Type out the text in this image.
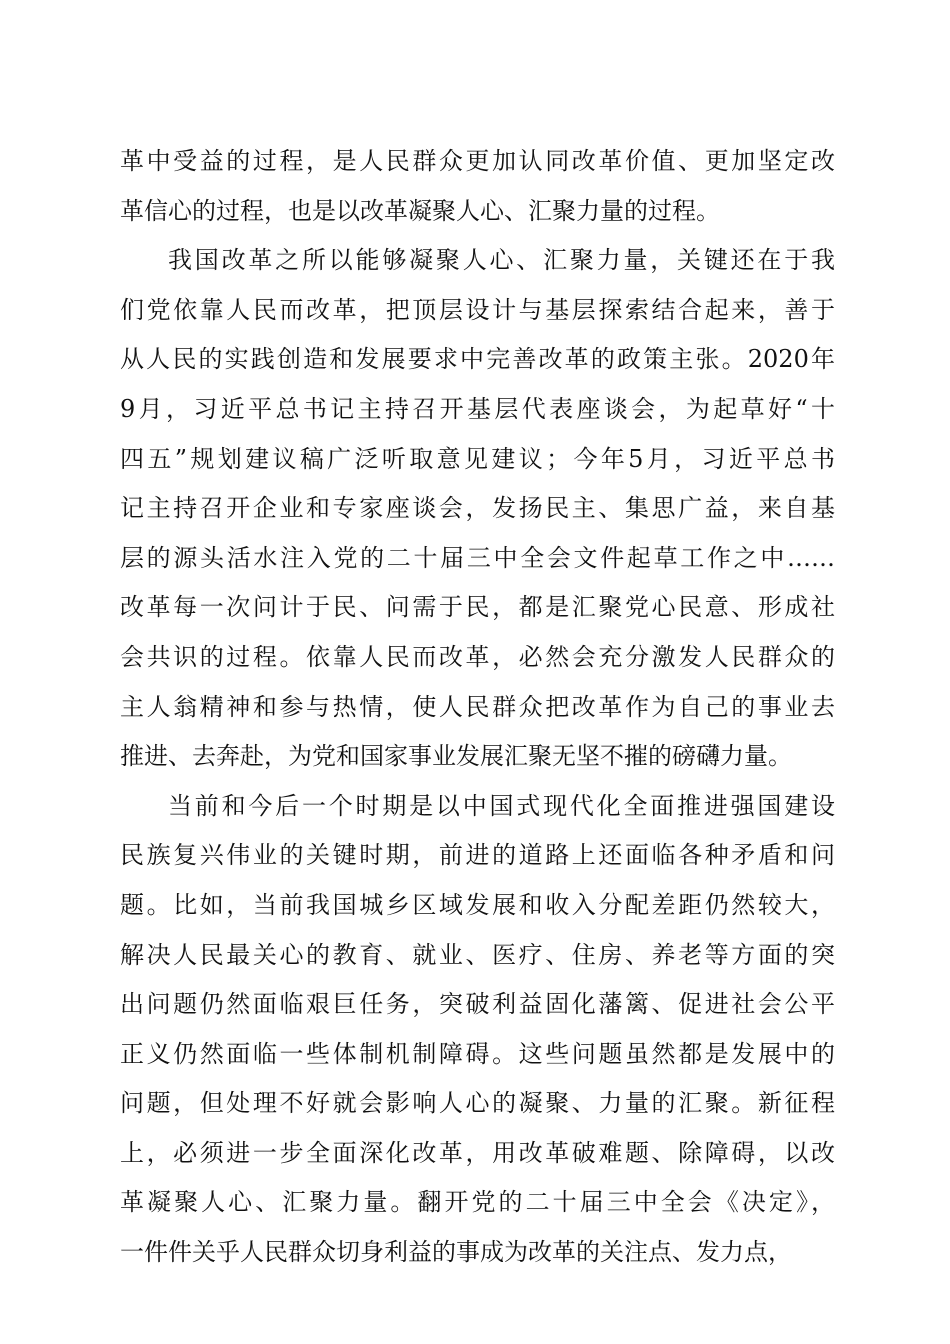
革中受益的过程，是人民群众更加认同改革价值、更加坚定改
革信心的过程，也是以改革凝聚人心、汇聚力量的过程。
我国改革之所以能够凝聚人心、汇聚力量，关键还在于我
们党依靠人民而改革，把顶层设计与基层探索结合起来，善于
从人民的实践创造和发展要求中完善改革的政策主张。2020年
9月，习近平总书记主持召开基层代表座谈会，为起草好“十
四五”规划建议稿广泛听取意见建议；今年5月，习近平总书
记主持召开企业和专家座谈会，发扬民主、集思广益，来自基
层的源头活水注入党的二十届三中全会文件起草工作之中……
改革每一次问计于民、问需于民，都是汇聚党心民意、形成社
会共识的过程。依靠人民而改革，必然会充分激发人民群众的
主人翁精神和参与热情，使人民群众把改革作为自己的事业去
推进、去奔赴，为党和国家事业发展汇聚无坚不摧的磅礴力量。
当前和今后一个时期是以中国式现代化全面推进强国建设
民族复兴伟业的关键时期，前进的道路上还面临各种矛盾和问
题。比如，当前我国城乡区域发展和收入分配差距仍然较大，
解决人民最关心的教育、就业、医疗、住房、养老等方面的突
出问题仍然面临艰巨任务，突破利益固化藩篱、促进社会公平
正义仍然面临一些体制机制障碍。这些问题虽然都是发展中的
问题，但处理不好就会影响人心的凝聚、力量的汇聚。新征程
上，必须进一步全面深化改革，用改革破难题、除障碍，以改
革凝聚人心、汇聚力量。翻开党的二十届三中全会《决定》，
一件件关乎人民群众切身利益的事成为改革的关注点、发力点，
